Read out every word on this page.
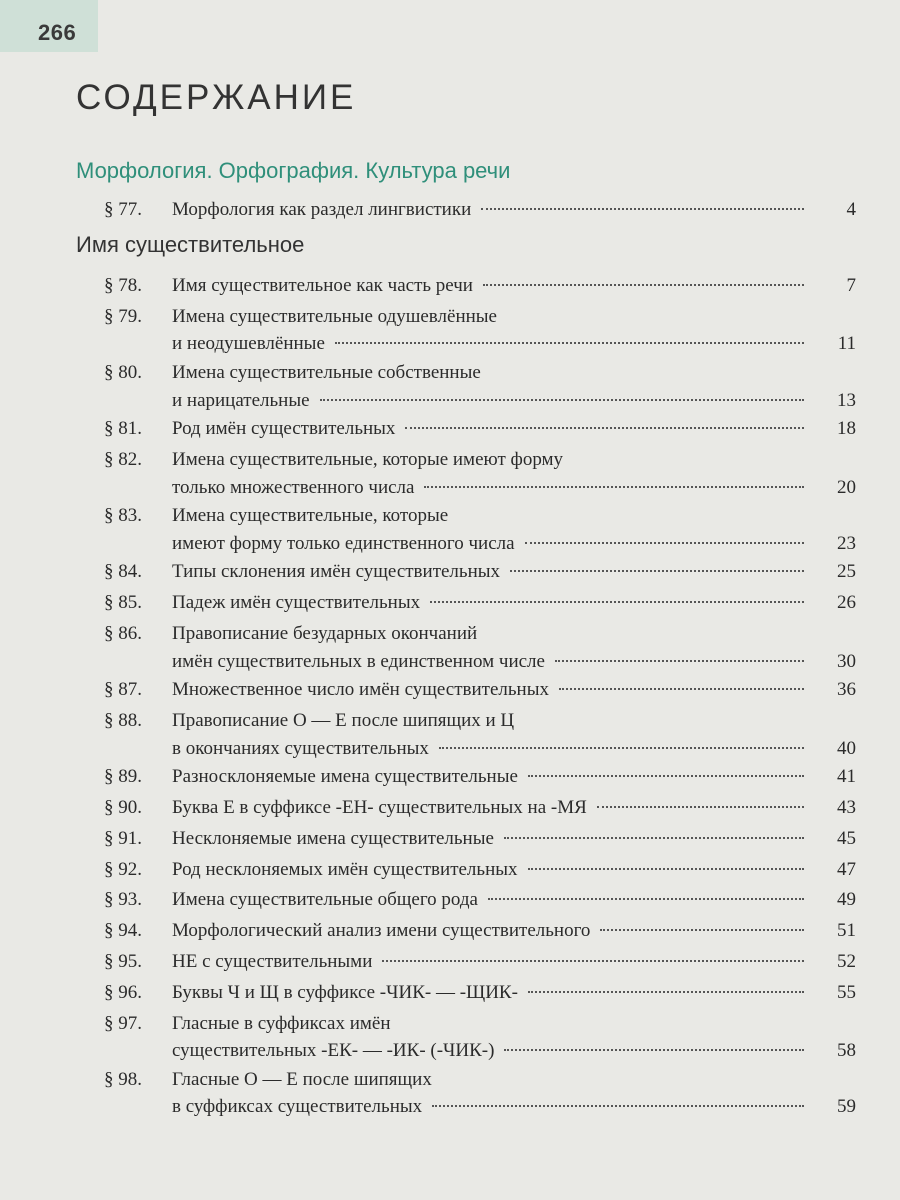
266
СОДЕРЖАНИЕ
Морфология. Орфография. Культура речи
§ 77. Морфология как раздел лингвистики	4
Имя существительное
§ 78. Имя существительное как часть речи	7
§ 79. Имена существительные одушевлённые
и неодушевлённые	11
§ 80. Имена существительные собственные
и нарицательные	13
§ 81. Род имён существительных	18
§ 82. Имена существительные, которые имеют форму
только множественного числа	20
§ 83. Имена существительные, которые
имеют форму только единственного числа	23
§ 84. Типы склонения имён существительных	25
§ 85. Падеж имён существительных	26
§ 86. Правописание безударных окончаний
имён существительных в единственном числе	30
§ 87. Множественное число имён существительных	36
§ 88. Правописание О — Е после шипящих и Ц
в окончаниях существительных	40
§ 89. Разносклоняемые имена существительные	41
§ 90. Буква Е в суффиксе -ЕН- существительных на -МЯ	43
§ 91. Несклоняемые имена существительные	45
§ 92. Род несклоняемых имён существительных	47
§ 93. Имена существительные общего рода	49
§ 94. Морфологический анализ имени существительного	51
§ 95. НЕ с существительными	52
§ 96. Буквы Ч и Щ в суффиксе -ЧИК- — -ЩИК-	55
§ 97. Гласные в суффиксах имён
существительных -ЕК- — -ИК- (-ЧИК-)	58
§ 98. Гласные О — Е после шипящих
в суффиксах существительных	59
